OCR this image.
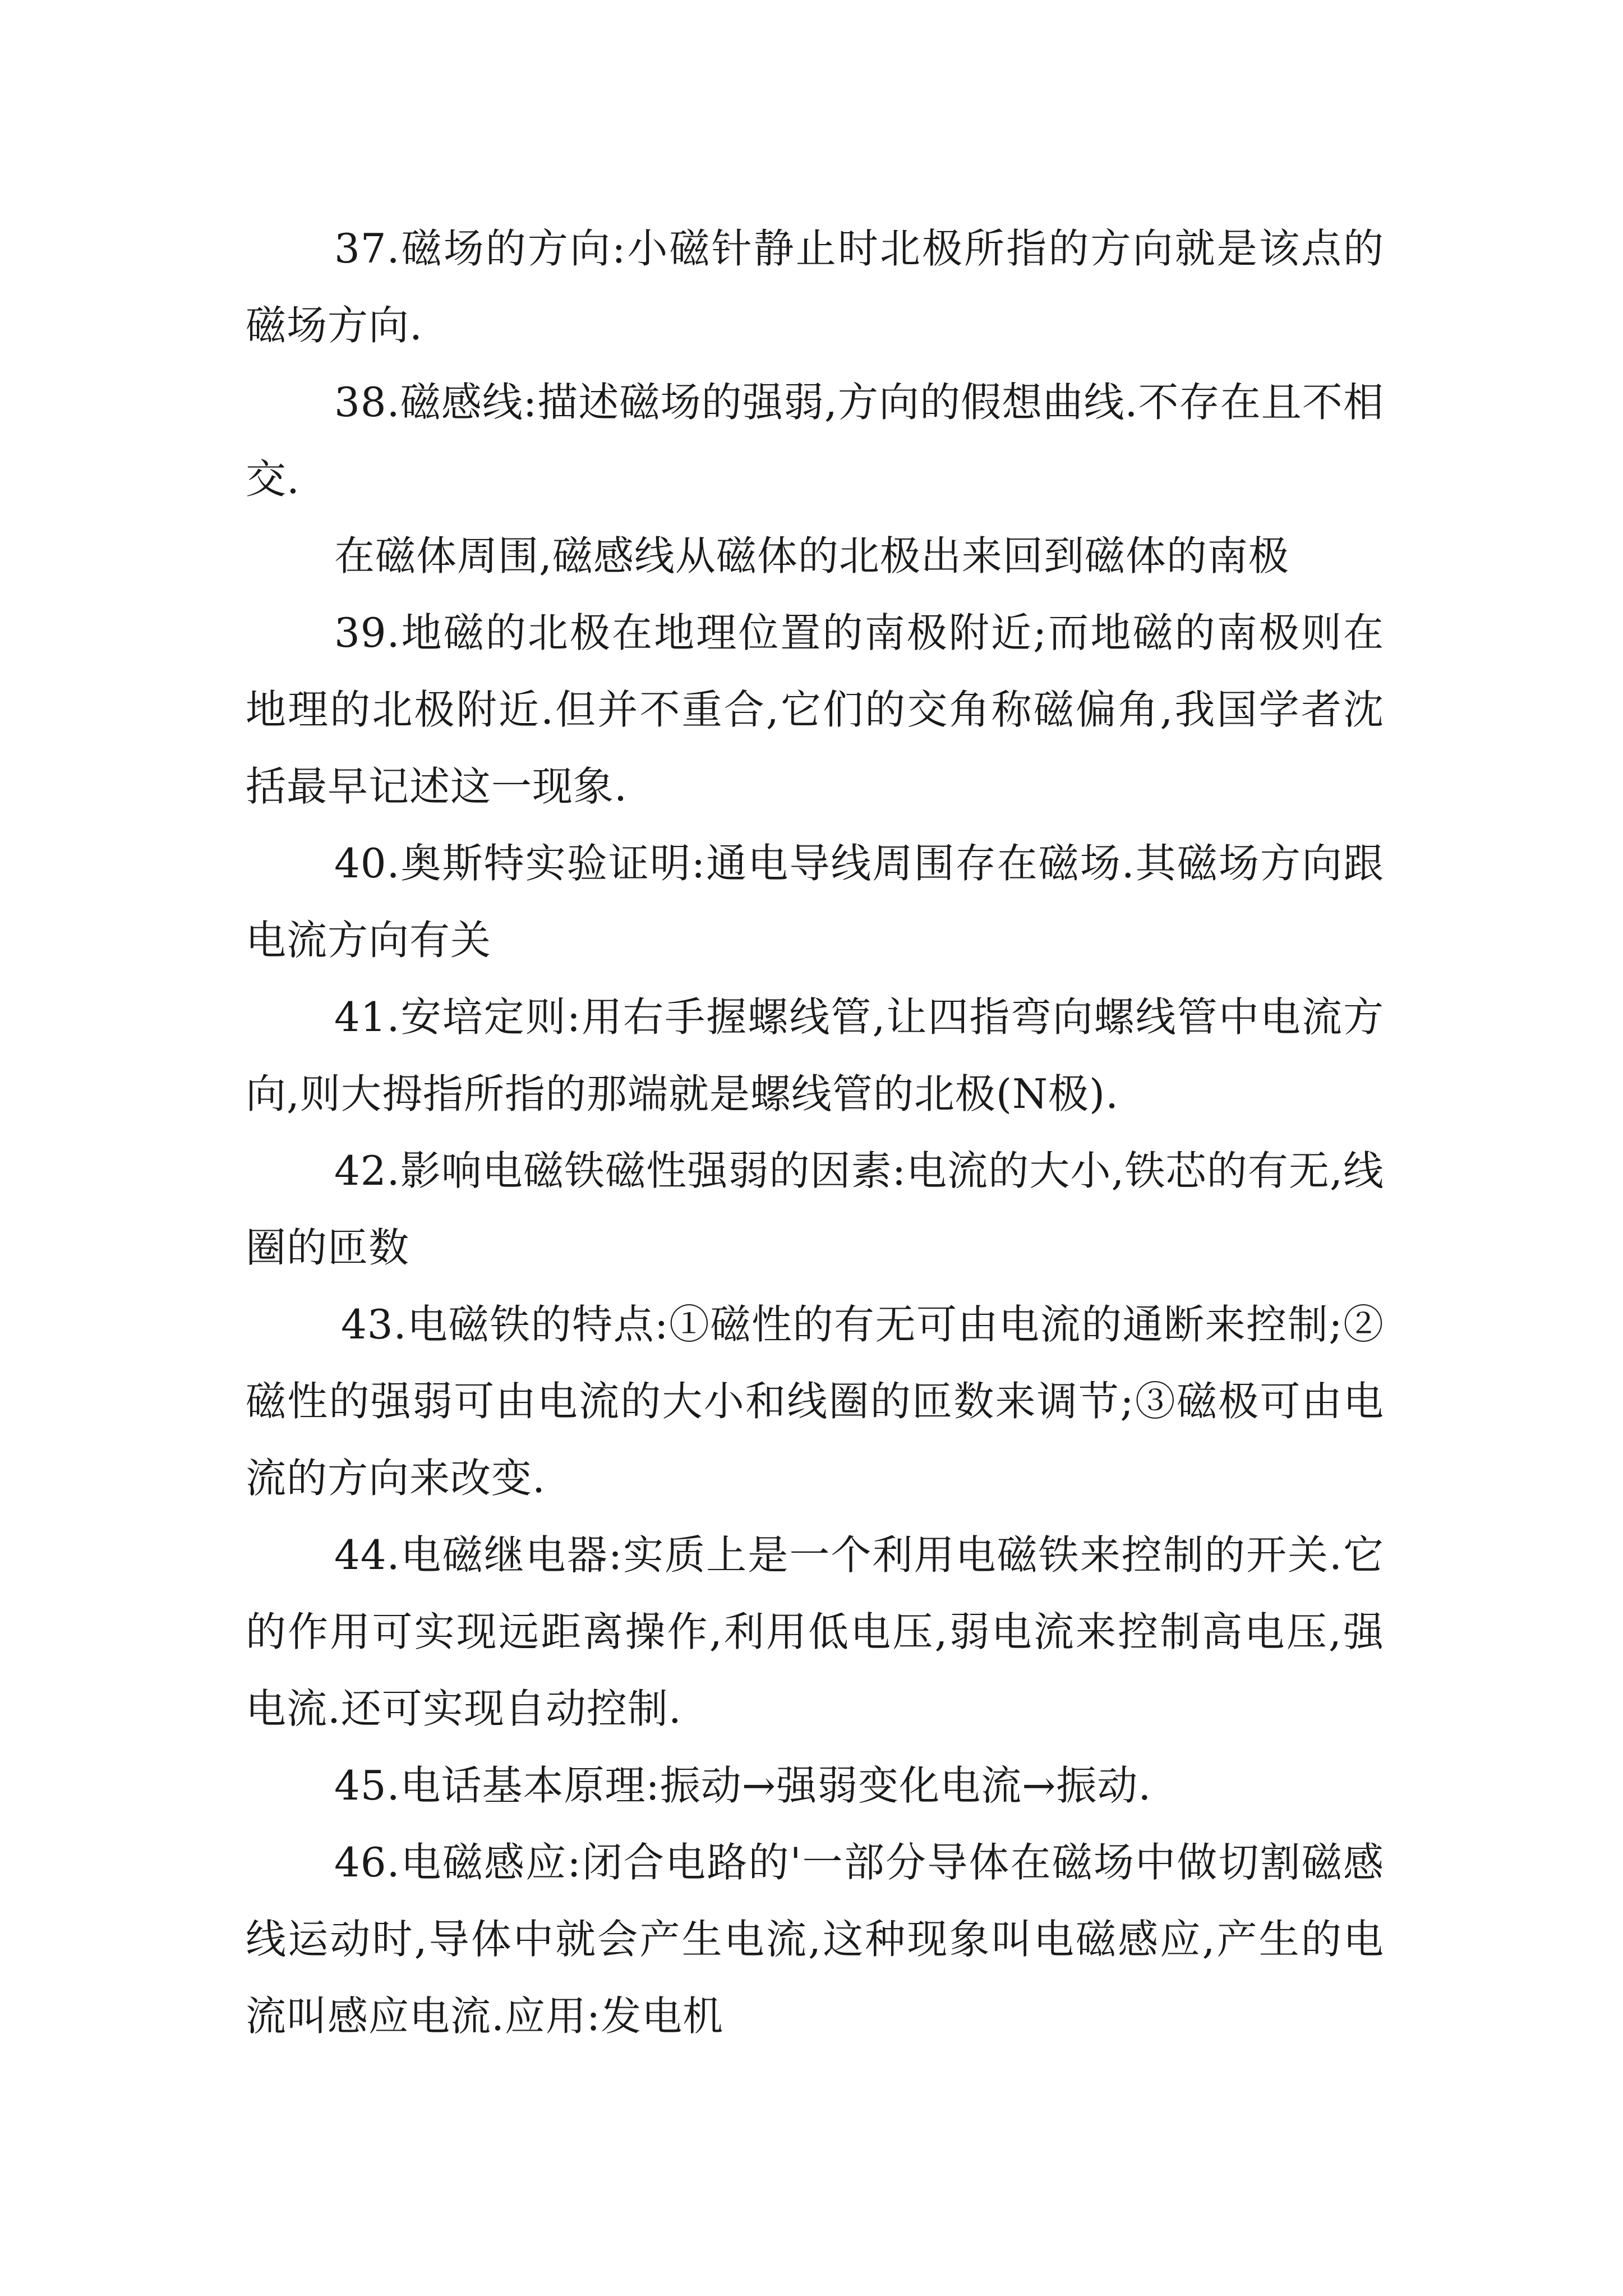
37.磁场的方向:小磁针静止时北极所指的方向就是该点的磁场方向.

38.磁感线:描述磁场的强弱,方向的假想曲线.不存在且不相交.

在磁体周围,磁感线从磁体的北极出来回到磁体的南极

39.地磁的北极在地理位置的南极附近;而地磁的南极则在地理的北极附近.但并不重合,它们的交角称磁偏角,我国学者沈括最早记述这一现象.

40.奥斯特实验证明:通电导线周围存在磁场.其磁场方向跟电流方向有关

41.安培定则:用右手握螺线管,让四指弯向螺线管中电流方向,则大拇指所指的那端就是螺线管的北极(N极).

42.影响电磁铁磁性强弱的因素:电流的大小,铁芯的有无,线圈的匝数

43.电磁铁的特点:①磁性的有无可由电流的通断来控制;②磁性的强弱可由电流的大小和线圈的匝数来调节;③磁极可由电流的方向来改变.

44.电磁继电器:实质上是一个利用电磁铁来控制的开关.它的作用可实现远距离操作,利用低电压,弱电流来控制高电压,强电流.还可实现自动控制.

45.电话基本原理:振动→强弱变化电流→振动.

46.电磁感应:闭合电路的'一部分导体在磁场中做切割磁感线运动时,导体中就会产生电流,这种现象叫电磁感应,产生的电流叫感应电流.应用:发电机
